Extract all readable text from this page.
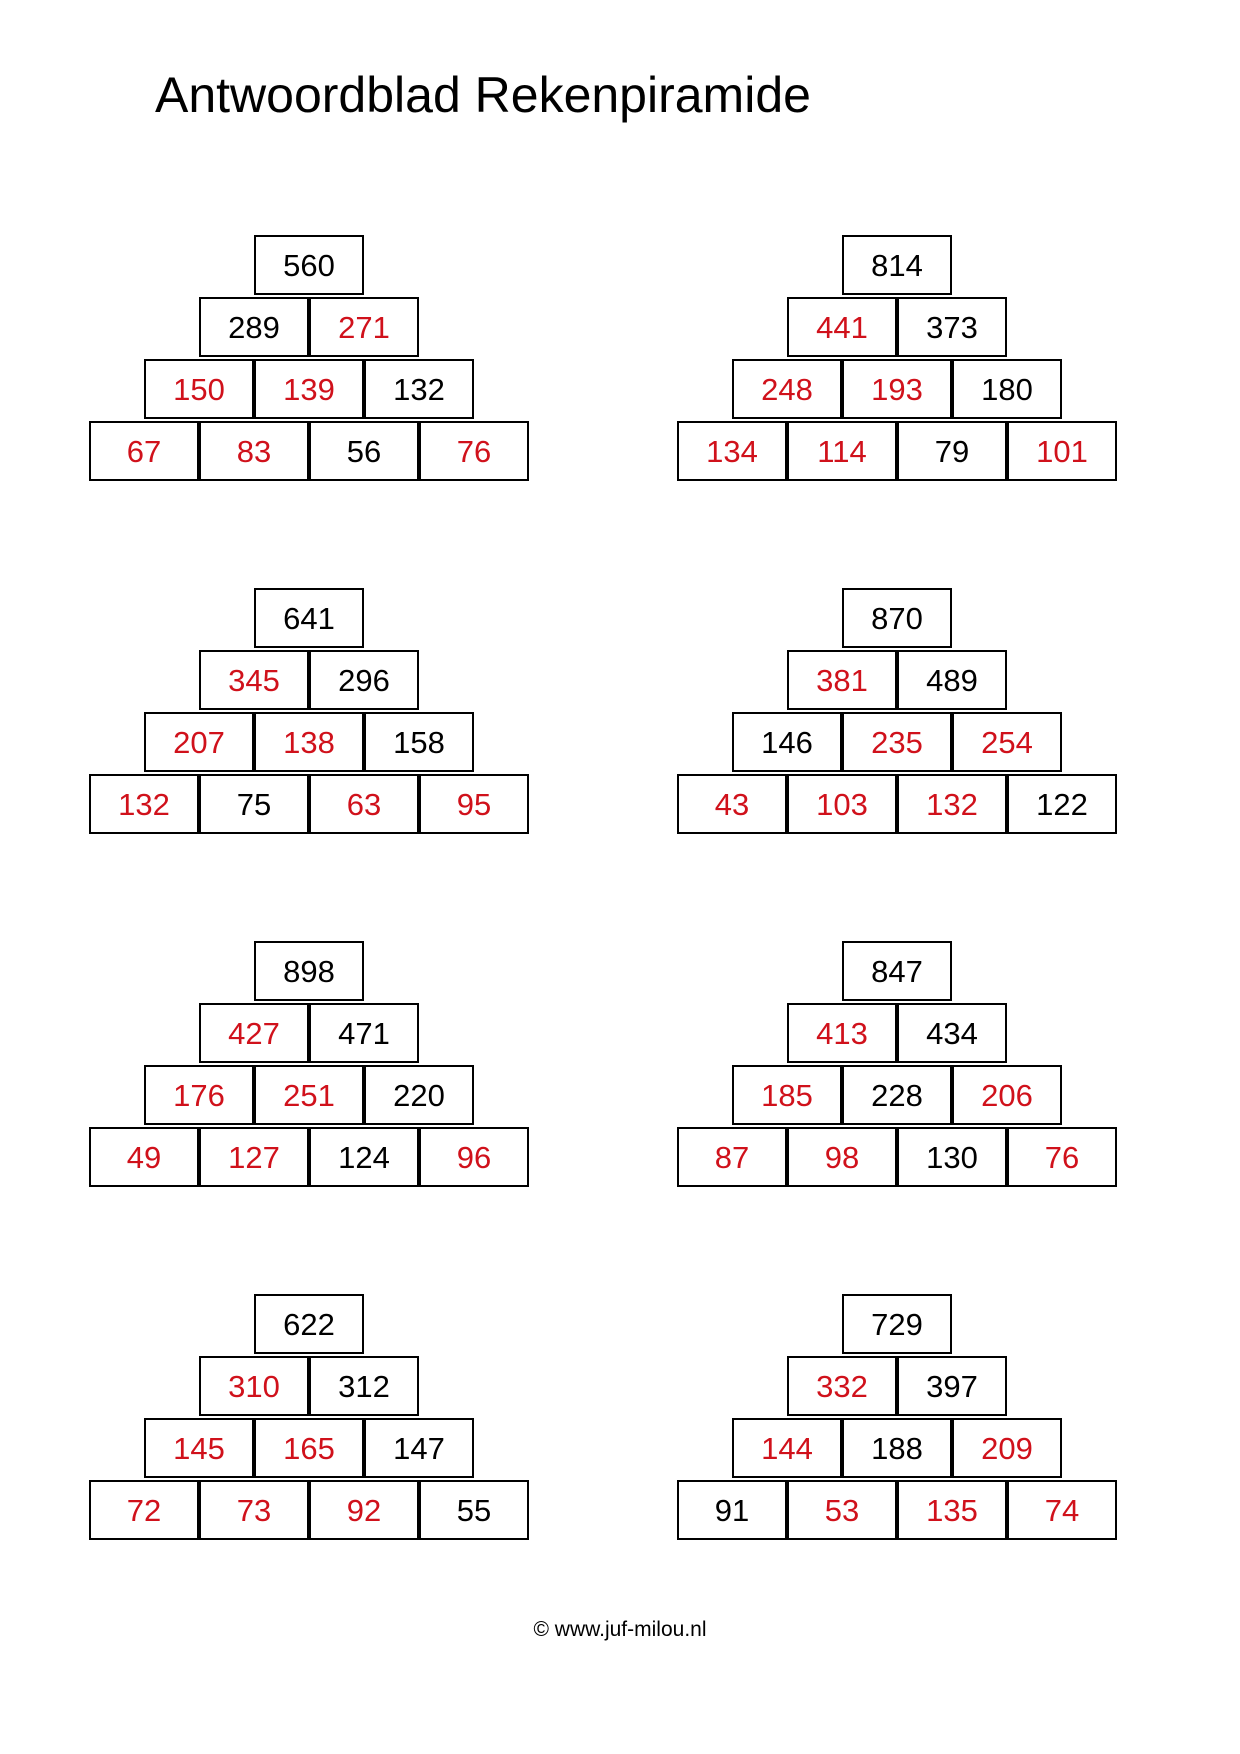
Antwoordblad Rekenpiramide
560
289	271
150	139	132
67	83	56	76
814
441	373
248	193	180
134	114	79	101
641
345	296
207	138	158
132	75	63	95
870
381	489
146	235	254
43	103	132	122
898
427	471
176	251	220
49	127	124	96
847
413	434
185	228	206
87	98	130	76
622
310	312
145	165	147
72	73	92	55
729
332	397
144	188	209
91	53	135	74
© www.juf-milou.nl
